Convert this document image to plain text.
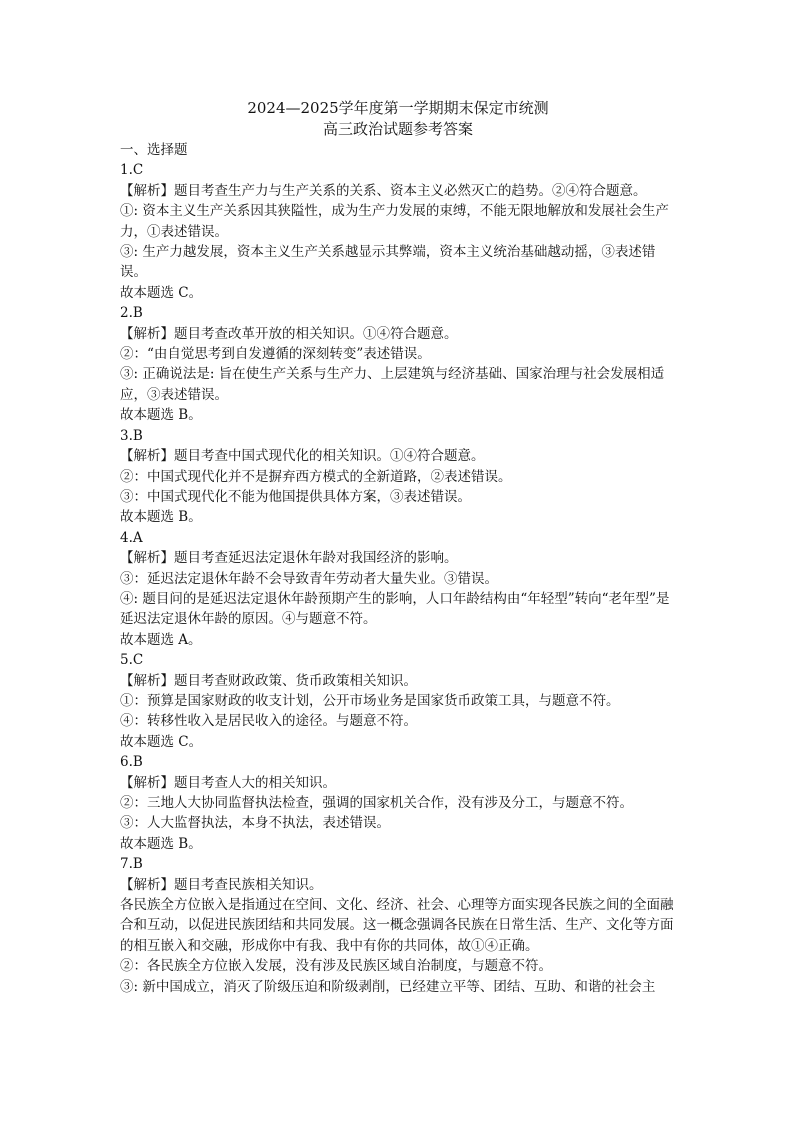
2024—2025学年度第一学期期末保定市统测
高三政治试题参考答案
一、选择题
1.C
【解析】题目考查生产力与生产关系的关系、资本主义必然灭亡的趋势。②④符合题意。
①: 资本主义生产关系因其狭隘性，成为生产力发展的束缚，不能无限地解放和发展社会生产力，①表述错误。
③: 生产力越发展，资本主义生产关系越显示其弊端，资本主义统治基础越动摇，③表述错误。
故本题选 C。
2.B
【解析】题目考查改革开放的相关知识。①④符合题意。
②：“由自觉思考到自发遵循的深刻转变”表述错误。
③: 正确说法是: 旨在使生产关系与生产力、上层建筑与经济基础、国家治理与社会发展相适应，③表述错误。
故本题选 B。
3.B
【解析】题目考查中国式现代化的相关知识。①④符合题意。
②：中国式现代化并不是摒弃西方模式的全新道路，②表述错误。
③：中国式现代化不能为他国提供具体方案，③表述错误。
故本题选 B。
4.A
【解析】题目考查延迟法定退休年龄对我国经济的影响。
③：延迟法定退休年龄不会导致青年劳动者大量失业。③错误。
④: 题目问的是延迟法定退休年龄预期产生的影响，人口年龄结构由“年轻型”转向“老年型”是延迟法定退休年龄的原因。④与题意不符。
故本题选 A。
5.C
【解析】题目考查财政政策、货币政策相关知识。
①：预算是国家财政的收支计划，公开市场业务是国家货币政策工具，与题意不符。
④：转移性收入是居民收入的途径。与题意不符。
故本题选 C。
6.B
【解析】题目考查人大的相关知识。
②：三地人大协同监督执法检查，强调的国家机关合作，没有涉及分工，与题意不符。
③：人大监督执法，本身不执法，表述错误。
故本题选 B。
7.B
【解析】题目考查民族相关知识。
各民族全方位嵌入是指通过在空间、文化、经济、社会、心理等方面实现各民族之间的全面融合和互动，以促进民族团结和共同发展。这一概念强调各民族在日常生活、生产、文化等方面的相互嵌入和交融，形成你中有我、我中有你的共同体，故①④正确。
②：各民族全方位嵌入发展，没有涉及民族区域自治制度，与题意不符。
③: 新中国成立，消灭了阶级压迫和阶级剥削，已经建立平等、团结、互助、和谐的社会主
